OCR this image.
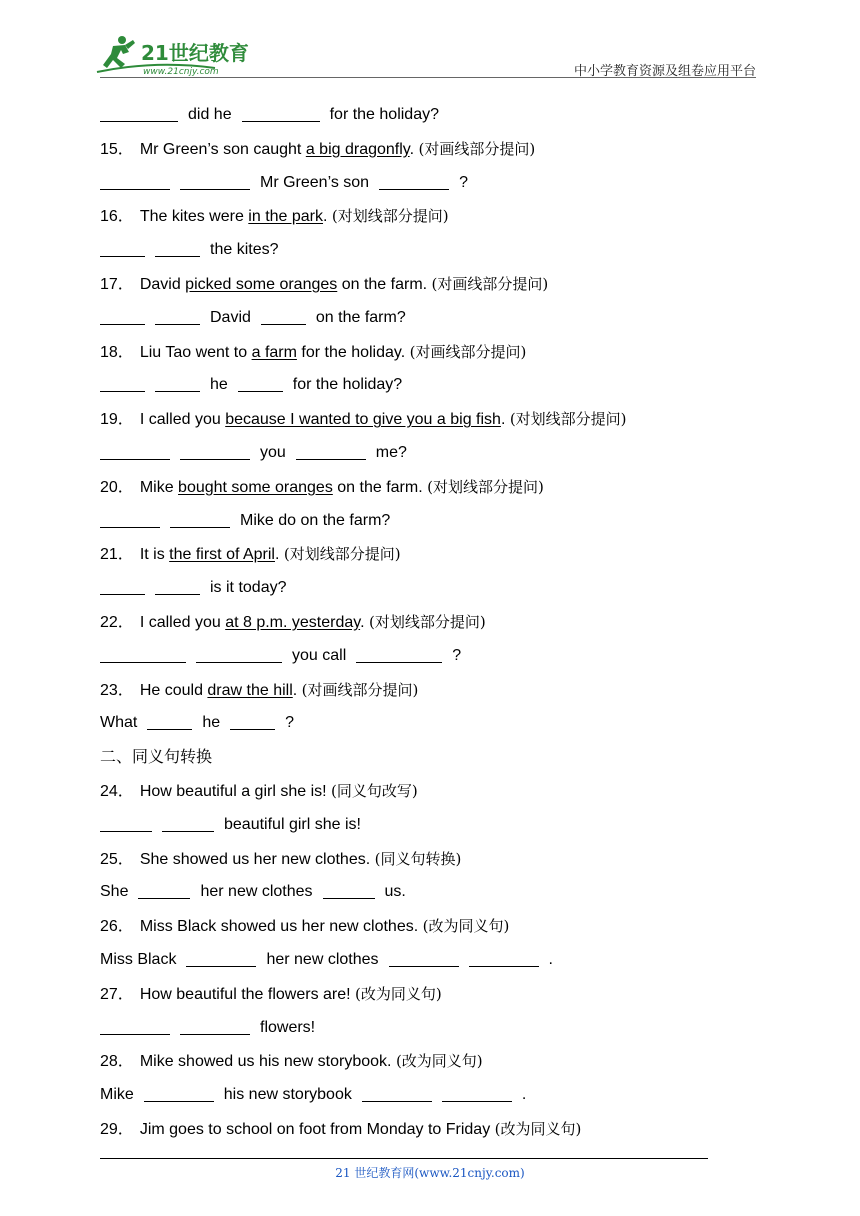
21世纪教育
www.21cnjy.com	中小学教育资源及组卷应用平台
did he	for the holiday?
15． Mr Green’s son caught a big dragonfly. (对画线部分提问)
Mr Green’s son	?
16． The kites were in the park. (对划线部分提问)
the kites?
17． David picked some oranges on the farm. (对画线部分提问)
David	on the farm?
18． Liu Tao went to a farm for the holiday. (对画线部分提问)
he	for the holiday?
19． I called you because I wanted to give you a big fish. (对划线部分提问)
you	me?
20． Mike bought some oranges on the farm. (对划线部分提问)
Mike do on the farm?
21． It is the first of April. (对划线部分提问)
is it today?
22． I called you at 8 p.m. yesterday. (对划线部分提问)
you call	?
23． He could draw the hill. (对画线部分提问)
What	he	?
二、同义句转换
24． How beautiful a girl she is! (同义句改写)
beautiful girl she is!
25． She showed us her new clothes. (同义句转换)
She	her new clothes	us.
26． Miss Black showed us her new clothes. (改为同义句)
Miss Black	her new clothes	.
27． How beautiful the flowers are! (改为同义句)
flowers!
28． Mike showed us his new storybook. (改为同义句)
Mike	his new storybook	.
29． Jim goes to school on foot from Monday to Friday (改为同义句)
21 世纪教育网(www.21cnjy.com)
